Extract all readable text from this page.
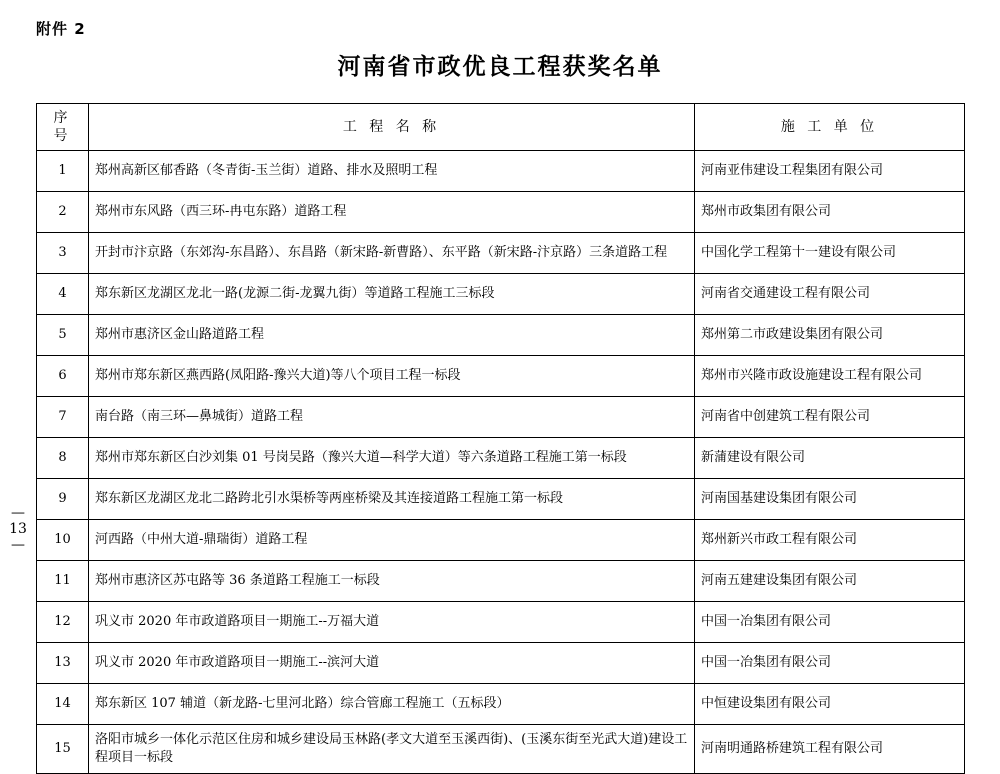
附件 2
河南省市政优良工程获奖名单
— 13 —
序 号	工 程 名 称	施 工 单 位
1	郑州高新区郁香路（冬青街-玉兰街）道路、排水及照明工程	河南亚伟建设工程集团有限公司
2	郑州市东风路（西三环-冉屯东路）道路工程	郑州市政集团有限公司
3	开封市汴京路（东郊沟-东昌路）、东昌路（新宋路-新曹路）、东平路（新宋路-汴京路）三条道路工程	中国化学工程第十一建设有限公司
4	郑东新区龙湖区龙北一路(龙源二街-龙翼九街）等道路工程施工三标段	河南省交通建设工程有限公司
5	郑州市惠济区金山路道路工程	郑州第二市政建设集团有限公司
6	郑州市郑东新区燕西路(凤阳路-豫兴大道)等八个项目工程一标段	郑州市兴隆市政设施建设工程有限公司
7	南台路（南三环—鼻城街）道路工程	河南省中创建筑工程有限公司
8	郑州市郑东新区白沙刘集 01 号岗吴路（豫兴大道—科学大道）等六条道路工程施工第一标段	新蒲建设有限公司
9	郑东新区龙湖区龙北二路跨北引水渠桥等两座桥梁及其连接道路工程施工第一标段	河南国基建设集团有限公司
10	河西路（中州大道-鼎瑞街）道路工程	郑州新兴市政工程有限公司
11	郑州市惠济区苏屯路等 36 条道路工程施工一标段	河南五建建设集团有限公司
12	巩义市 2020 年市政道路项目一期施工--万福大道	中国一冶集团有限公司
13	巩义市 2020 年市政道路项目一期施工--滨河大道	中国一冶集团有限公司
14	郑东新区 107 辅道（新龙路-七里河北路）综合管廊工程施工（五标段）	中恒建设集团有限公司
15	洛阳市城乡一体化示范区住房和城乡建设局玉林路(孝文大道至玉溪西街)、(玉溪东街至光武大道)建设工程项目一标段	河南明通路桥建筑工程有限公司
